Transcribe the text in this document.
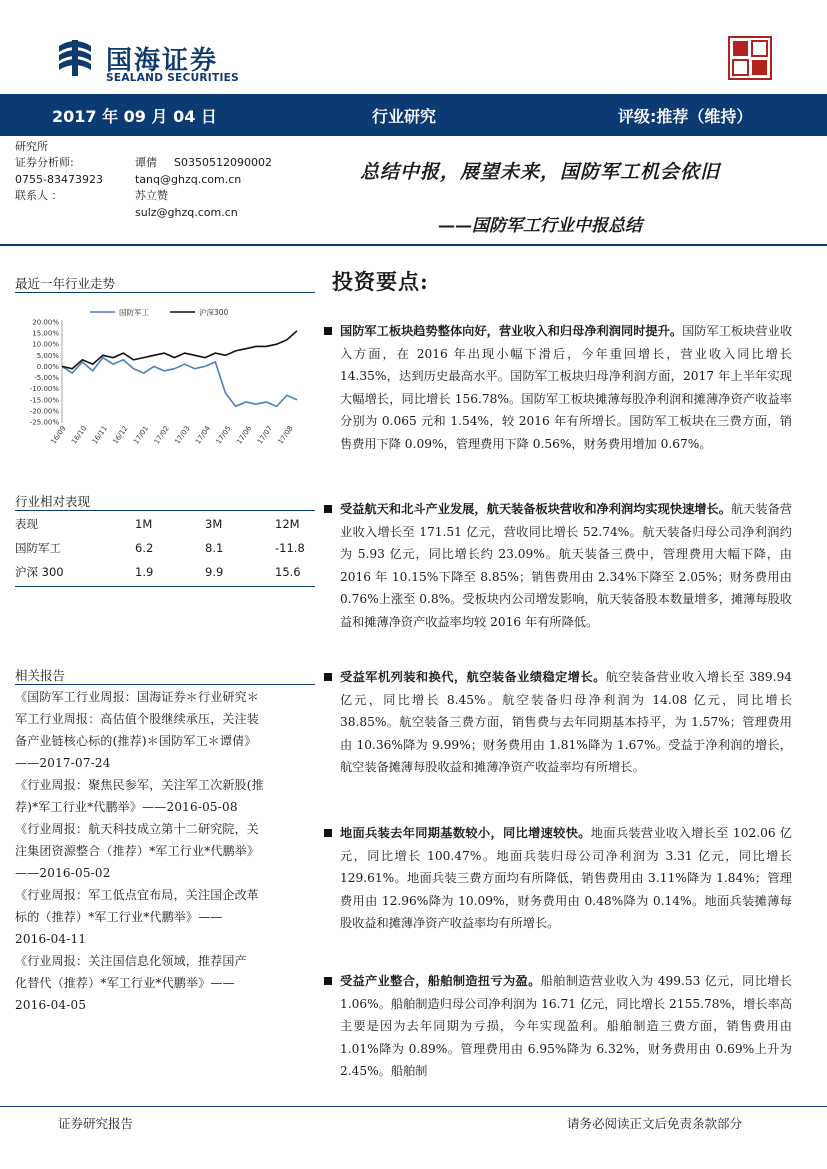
国海证券
SEALAND SECURITIES
2017 年 09 月 04 日	行业研究	评级:推荐（维持）
研究所
证券分析师:	谭倩 S0350512090002
0755-83473923	tanq@ghzq.com.cn
联系人 ：	苏立赞
sulz@ghzq.com.cn
总结中报，展望未来，国防军工机会依旧
——国防军工行业中报总结
最近一年行业走势
国防军工	沪深300
20.00%
15.00%
10.00%
5.00%
0.00%
-5.00%
-10.00%
-15.00%
-20.00%
-25.00%
16/09 16/10 16/11 16/12 17/01 17/02 17/03 17/04 17/05 17/06 17/07 17/08
行业相对表现
表现	1M	3M	12M
国防军工	6.2	8.1	-11.8
沪深 300	1.9	9.9	15.6
相关报告
《国防军工行业周报：国海证券＊行业研究＊
军工行业周报：高估值个股继续承压，关注装
备产业链核心标的(推荐)＊国防军工＊谭倩》
——2017-07-24
《行业周报：聚焦民参军，关注军工次新股(推
荐)*军工行业*代鹏举》——2016-05-08
《行业周报：航天科技成立第十二研究院，关
注集团资源整合（推荐）*军工行业*代鹏举》
——2016-05-02
《行业周报：军工低点宜布局，关注国企改革
标的（推荐）*军工行业*代鹏举》——
2016-04-11
《行业周报：关注国信息化领域，推荐国产
化替代（推荐）*军工行业*代鹏举》——
2016-04-05
投资要点:
国防军工板块趋势整体向好，营业收入和归母净利润同时提升。国防军工板块营业收入方面，在 2016 年出现小幅下滑后，今年重回增长，营业收入同比增长 14.35%，达到历史最高水平。国防军工板块归母净利润方面，2017 年上半年实现大幅增长，同比增长 156.78%。国防军工板块摊薄每股净利润和摊薄净资产收益率分别为 0.065 元和 1.54%，较 2016 年有所增长。国防军工板块在三费方面，销售费用下降 0.09%，管理费用下降 0.56%，财务费用增加 0.67%。
受益航天和北斗产业发展，航天装备板块营收和净利润均实现快速增长。航天装备营业收入增长至 171.51 亿元，营收同比增长 52.74%。航天装备归母公司净利润约为 5.93 亿元，同比增长约 23.09%。航天装备三费中，管理费用大幅下降，由 2016 年 10.15%下降至 8.85%；销售费用由 2.34%下降至 2.05%；财务费用由 0.76%上涨至 0.8%。受板块内公司增发影响，航天装备股本数量增多，摊薄每股收益和摊薄净资产收益率均较 2016 年有所降低。
受益军机列装和换代，航空装备业绩稳定增长。航空装备营业收入增长至 389.94 亿元，同比增长 8.45%。航空装备归母净利润为 14.08 亿元，同比增长 38.85%。航空装备三费方面，销售费与去年同期基本持平，为 1.57%；管理费用由 10.36%降为 9.99%；财务费用由 1.81%降为 1.67%。受益于净利润的增长，航空装备摊薄每股收益和摊薄净资产收益率均有所增长。
地面兵装去年同期基数较小，同比增速较快。地面兵装营业收入增长至 102.06 亿元，同比增长 100.47%。地面兵装归母公司净利润为 3.31 亿元，同比增长 129.61%。地面兵装三费方面均有所降低，销售费用由 3.11%降为 1.84%；管理费用由 12.96%降为 10.09%，财务费用由 0.48%降为 0.14%。地面兵装摊薄每股收益和摊薄净资产收益率均有所增长。
受益产业整合，船舶制造扭亏为盈。船舶制造营业收入为 499.53 亿元，同比增长 1.06%。船舶制造归母公司净利润为 16.71 亿元，同比增长 2155.78%，增长率高主要是因为去年同期为亏损，今年实现盈利。船舶制造三费方面，销售费用由 1.01%降为 0.89%。管理费用由 6.95%降为 6.32%，财务费用由 0.69%上升为 2.45%。船舶制
证券研究报告	请务必阅读正文后免责条款部分
